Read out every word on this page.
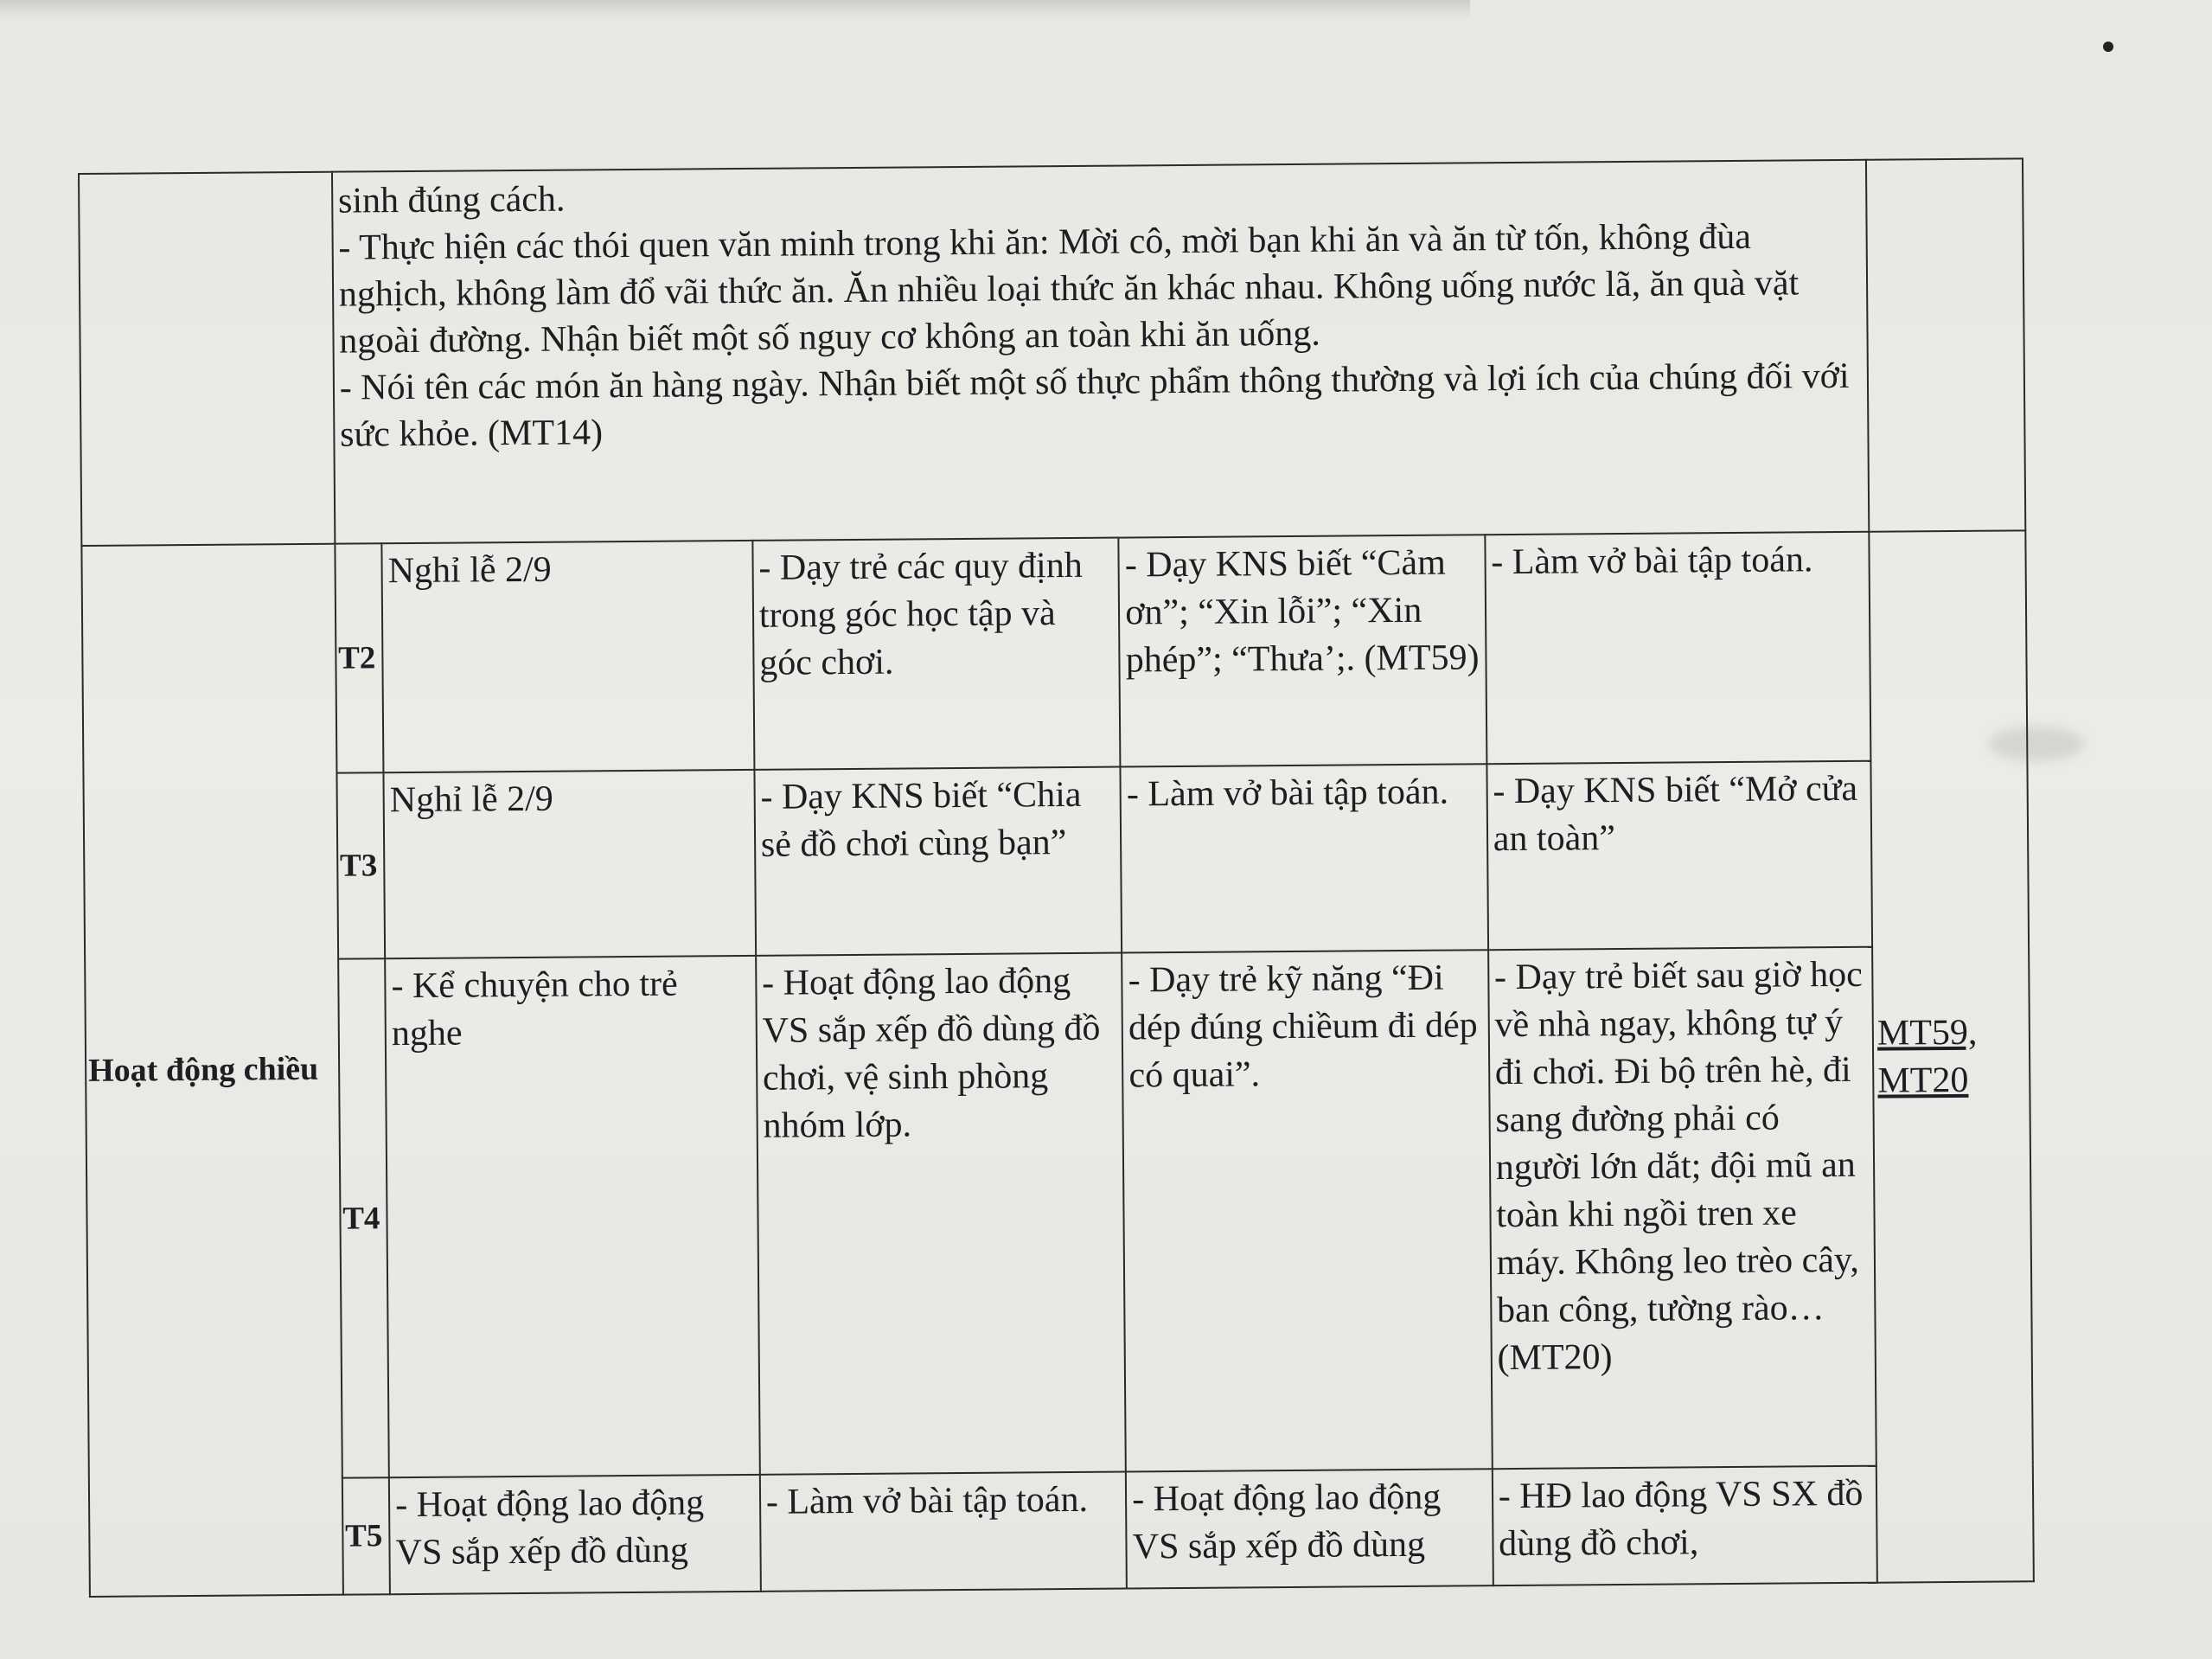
	sinh đúng cách.
- Thực hiện các thói quen văn minh trong khi ăn: Mời cô, mời bạn khi ăn và ăn từ tốn, không đùa nghịch, không làm đổ vãi thức ăn. Ăn nhiều loại thức ăn khác nhau. Không uống nước lã, ăn quà vặt ngoài đường. Nhận biết một số nguy cơ không an toàn khi ăn uống.
- Nói tên các món ăn hàng ngày. Nhận biết một số thực phẩm thông thường và lợi ích của chúng đối với sức khỏe. (MT14)					

Hoạt động chiều	T2	Nghỉ lễ 2/9	- Dạy trẻ các quy định trong góc học tập và góc chơi.	- Dạy KNS biết “Cảm ơn”; “Xin lỗi”; “Xin phép”; “Thưa’;. (MT59)	- Làm vở bài tập toán.	MT59,
MT20

	T3	Nghỉ lễ 2/9	- Dạy KNS biết “Chia sẻ đồ chơi cùng bạn”	- Làm vở bài tập toán.	- Dạy KNS biết “Mở cửa an toàn”	
	T4	- Kể chuyện cho trẻ nghe	- Hoạt động lao động VS sắp xếp đồ dùng đồ chơi, vệ sinh phòng nhóm lớp.	- Dạy trẻ kỹ năng “Đi dép đúng chiềum đi dép có quai”.	- Dạy trẻ biết sau giờ học về nhà ngay, không tự ý đi chơi. Đi bộ trên hè, đi sang đường phải có người lớn dắt; đội mũ an toàn khi ngồi tren xe máy. Không leo trèo cây, ban công, tường rào… (MT20)	
	T5	- Hoạt động lao động VS sắp xếp đồ dùng	- Làm vở bài tập toán.	- Hoạt động lao động VS sắp xếp đồ dùng	- HĐ lao động VS SX đồ dùng đồ chơi,	
